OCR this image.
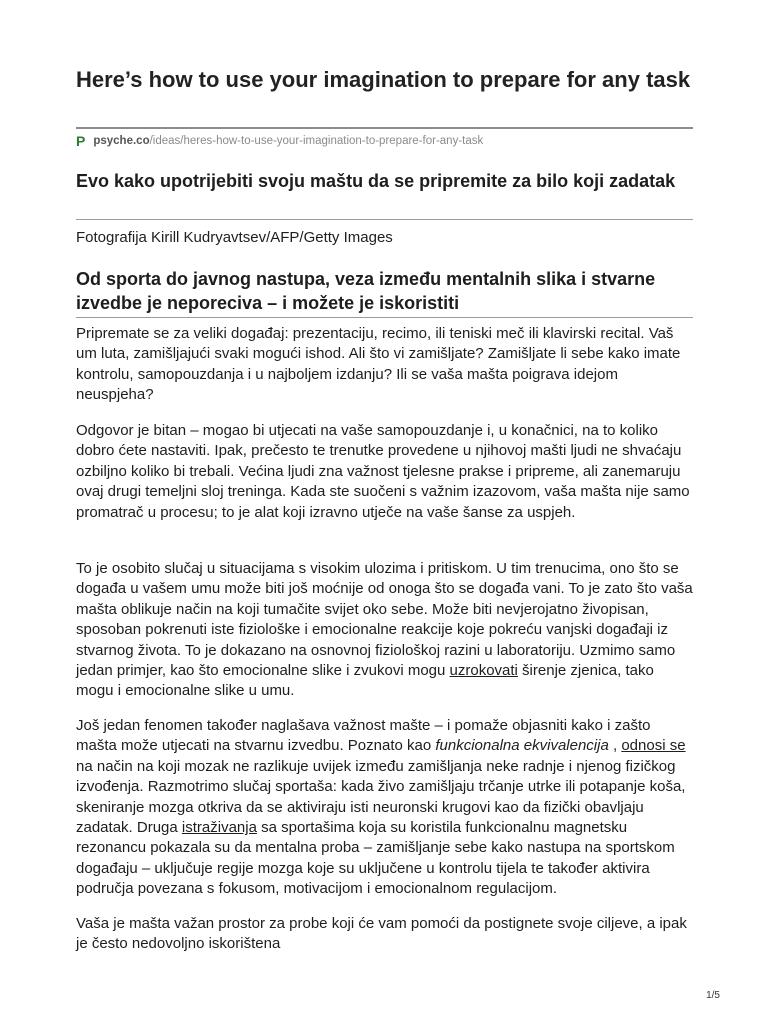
Here’s how to use your imagination to prepare for any task
P psyche.co /ideas/heres-how-to-use-your-imagination-to-prepare-for-any-task
Evo kako upotrijebiti svoju maštu da se pripremite za bilo koji zadatak

Fotografija Kirill Kudryavtsev/AFP/Getty Images

Od sporta do javnog nastupa, veza između mentalnih slika i stvarne izvedbe je neporeciva – i možete je iskoristiti

Pripremate se za veliki događaj: prezentaciju, recimo, ili teniski meč ili klavirski recital. Vaš um luta, zamišljajući svaki mogući ishod. Ali što vi zamišljate? Zamišljate li sebe kako imate kontrolu, samopouzdanja i u najboljem izdanju? Ili se vaša mašta poigrava idejom neuspjeha?

Odgovor je bitan – mogao bi utjecati na vaše samopouzdanje i, u konačnici, na to koliko dobro ćete nastaviti. Ipak, prečesto te trenutke provedene u njihovoj mašti ljudi ne shvaćaju ozbiljno koliko bi trebali. Većina ljudi zna važnost tjelesne prakse i pripreme, ali zanemaruju ovaj drugi temeljni sloj treninga. Kada ste suočeni s važnim izazovom, vaša mašta nije samo promatrač u procesu; to je alat koji izravno utječe na vaše šanse za uspjeh.

To je osobito slučaj u situacijama s visokim ulozima i pritiskom. U tim trenucima, ono što se događa u vašem umu može biti još moćnije od onoga što se događa vani. To je zato što vaša mašta oblikuje način na koji tumačite svijet oko sebe. Može biti nevjerojatno živopisan, sposoban pokrenuti iste fiziološke i emocionalne reakcije koje pokreću vanjski događaji iz stvarnog života. To je dokazano na osnovnoj fiziološkoj razini u laboratoriju. Uzmimo samo jedan primjer, kao što emocionalne slike i zvukovi mogu uzrokovati širenje zjenica, tako mogu i emocionalne slike u umu.

Još jedan fenomen također naglašava važnost mašte – i pomaže objasniti kako i zašto mašta može utjecati na stvarnu izvedbu. Poznato kao funkcionalna ekvivalencija , odnosi se na način na koji mozak ne razlikuje uvijek između zamišljanja neke radnje i njenog fizičkog izvođenja. Razmotrimo slučaj sportaša: kada živo zamišljaju trčanje utrke ili potapanje koša, skeniranje mozga otkriva da se aktiviraju isti neuronski krugovi kao da fizički obavljaju zadatak. Druga istraživanja sa sportašima koja su koristila funkcionalnu magnetsku rezonancu pokazala su da mentalna proba – zamišljanje sebe kako nastupa na sportskom događaju – uključuje regije mozga koje su uključene u kontrolu tijela te također aktivira područja povezana s fokusom, motivacijom i emocionalnom regulacijom.

Vaša je mašta važan prostor za probe koji će vam pomoći da postignete svoje ciljeve, a ipak je često nedovoljno iskorištena

1/5
